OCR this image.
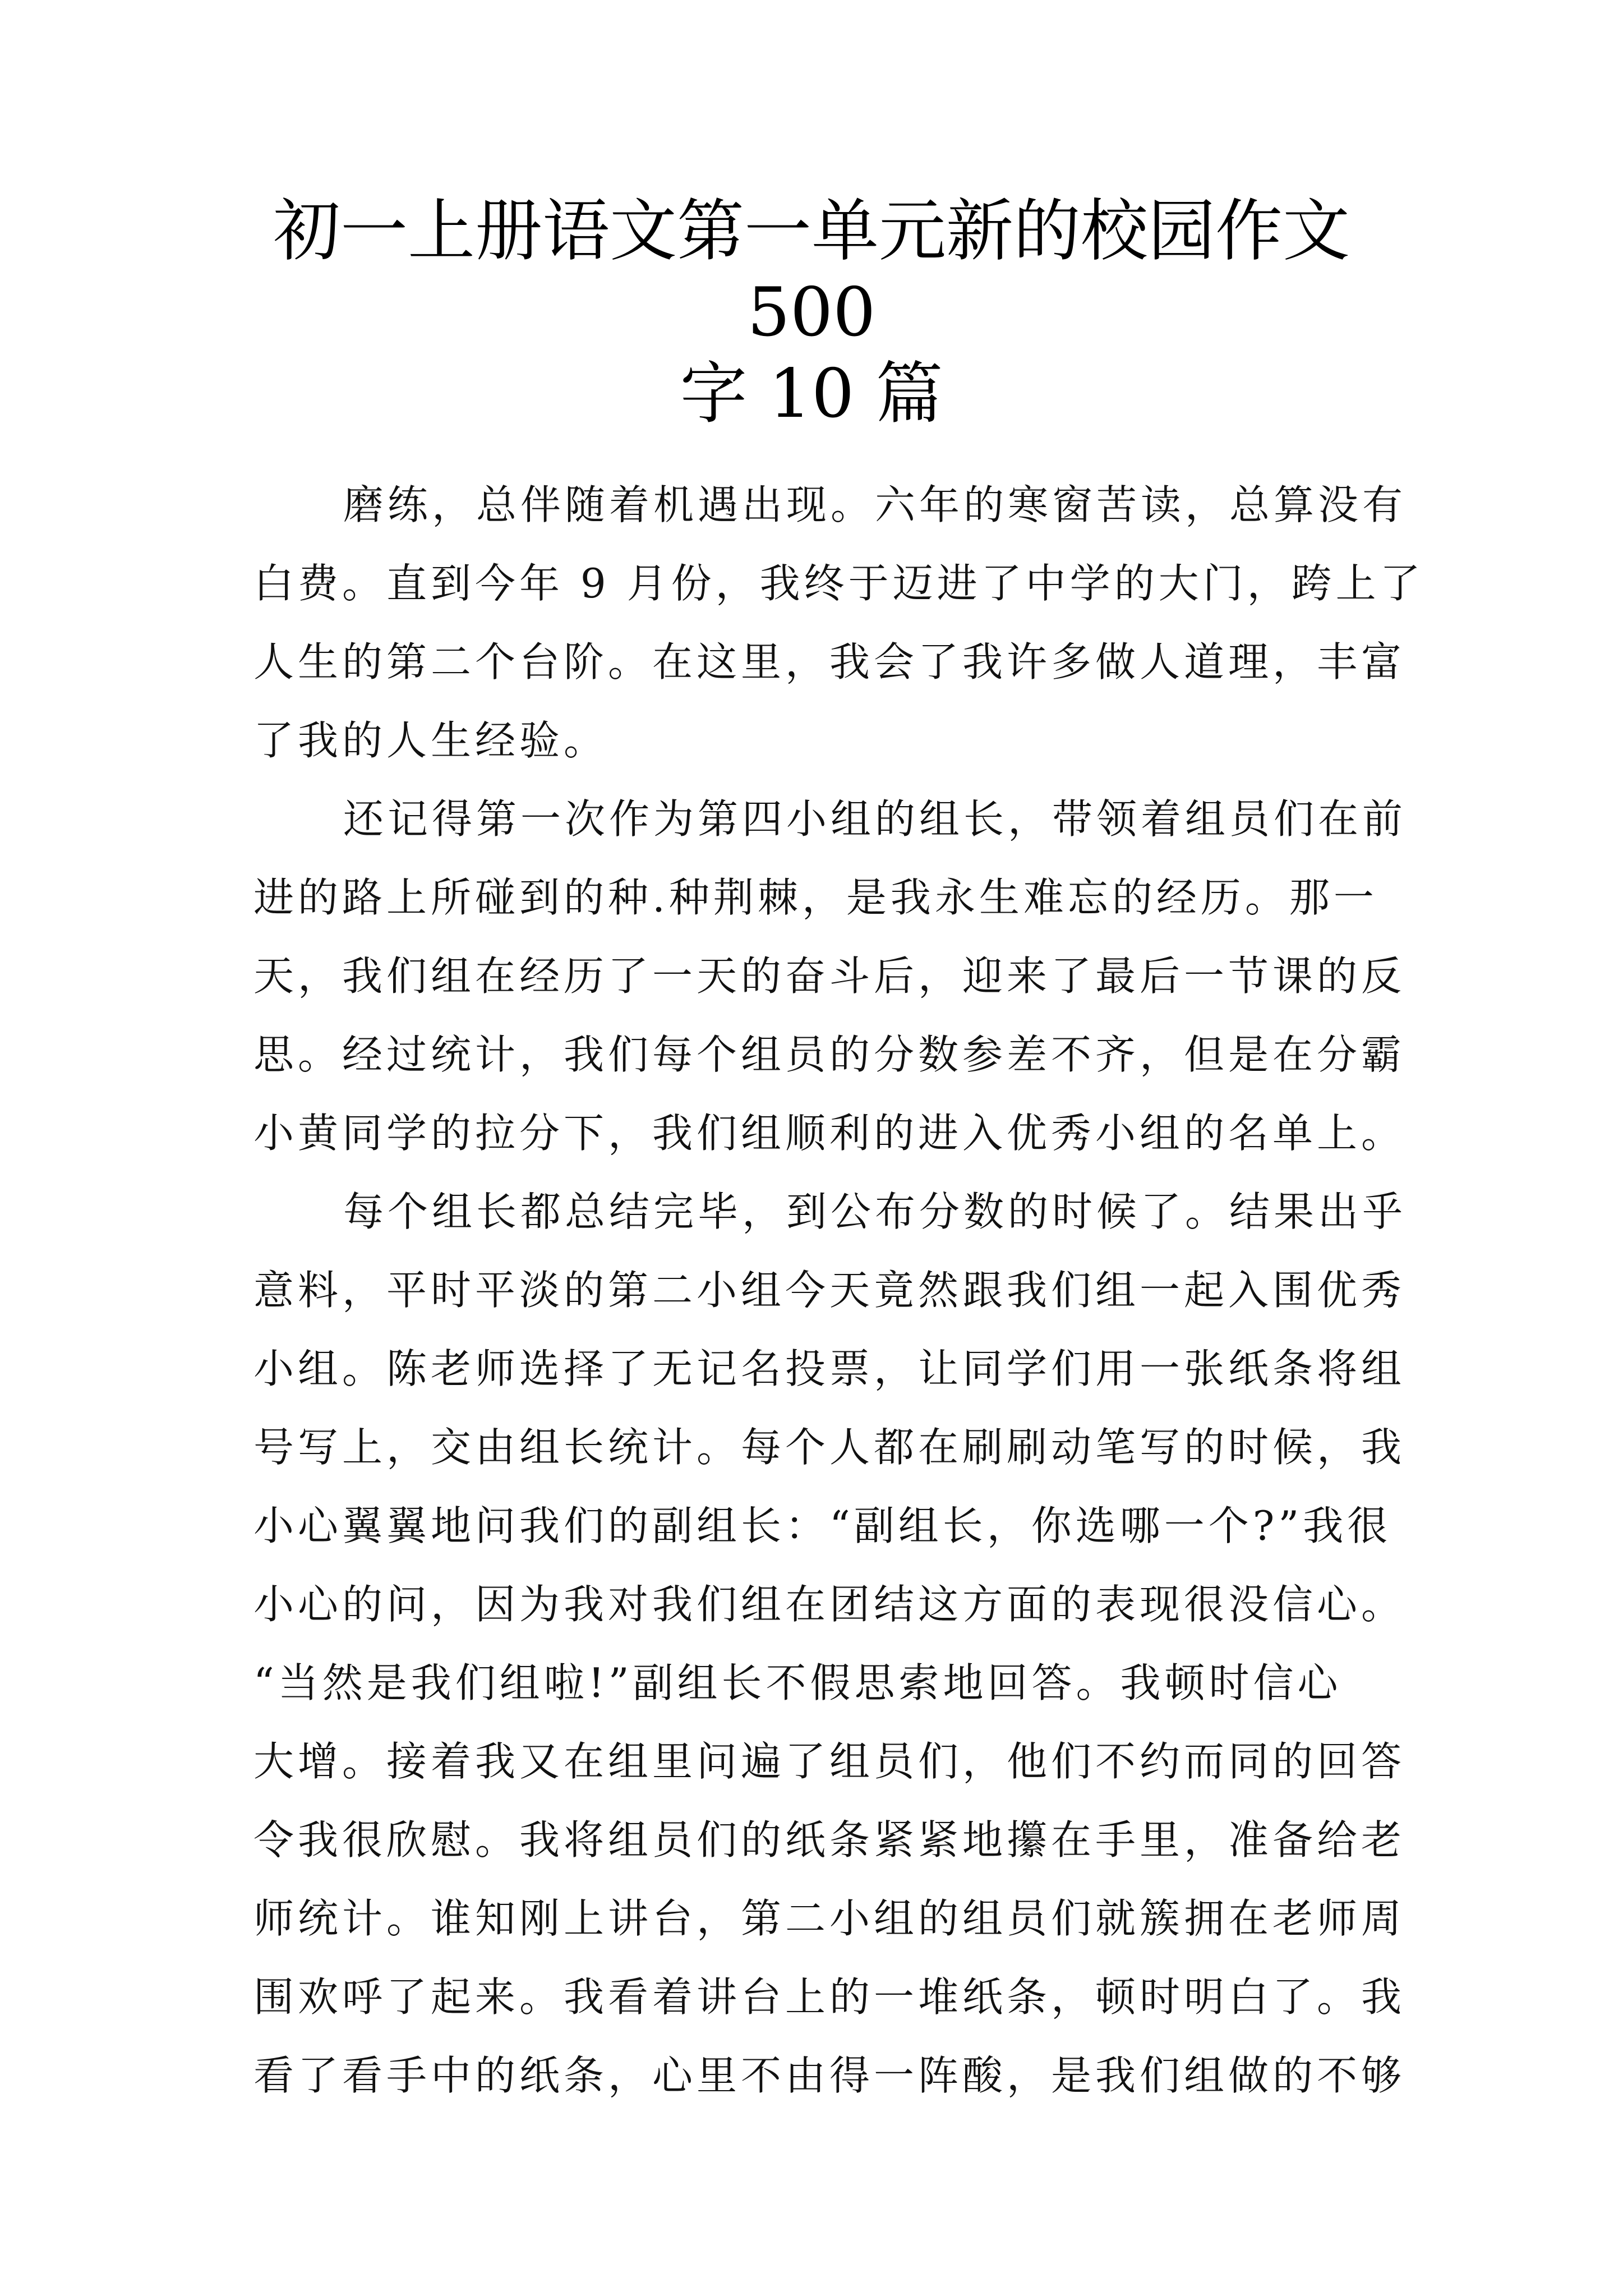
初一上册语文第一单元新的校园作文 500
字 10 篇
磨练，总伴随着机遇出现。六年的寒窗苦读，总算没有
白费。直到今年 9 月份，我终于迈进了中学的大门，跨上了
人生的第二个台阶。在这里，我会了我许多做人道理，丰富
了我的人生经验。
还记得第一次作为第四小组的组长，带领着组员们在前
进的路上所碰到的种.种荆棘，是我永生难忘的经历。那一
天，我们组在经历了一天的奋斗后，迎来了最后一节课的反
思。经过统计，我们每个组员的分数参差不齐，但是在分霸
小黄同学的拉分下，我们组顺利的进入优秀小组的名单上。
每个组长都总结完毕，到公布分数的时候了。结果出乎
意料，平时平淡的第二小组今天竟然跟我们组一起入围优秀
小组。陈老师选择了无记名投票，让同学们用一张纸条将组
号写上，交由组长统计。每个人都在刷刷动笔写的时候，我
小心翼翼地问我们的副组长：“副组长，你选哪一个?”我很
小心的问，因为我对我们组在团结这方面的表现很没信心。
“当然是我们组啦!”副组长不假思索地回答。我顿时信心
大增。接着我又在组里问遍了组员们，他们不约而同的回答
令我很欣慰。我将组员们的纸条紧紧地攥在手里，准备给老
师统计。谁知刚上讲台，第二小组的组员们就簇拥在老师周
围欢呼了起来。我看着讲台上的一堆纸条，顿时明白了。我
看了看手中的纸条，心里不由得一阵酸，是我们组做的不够
